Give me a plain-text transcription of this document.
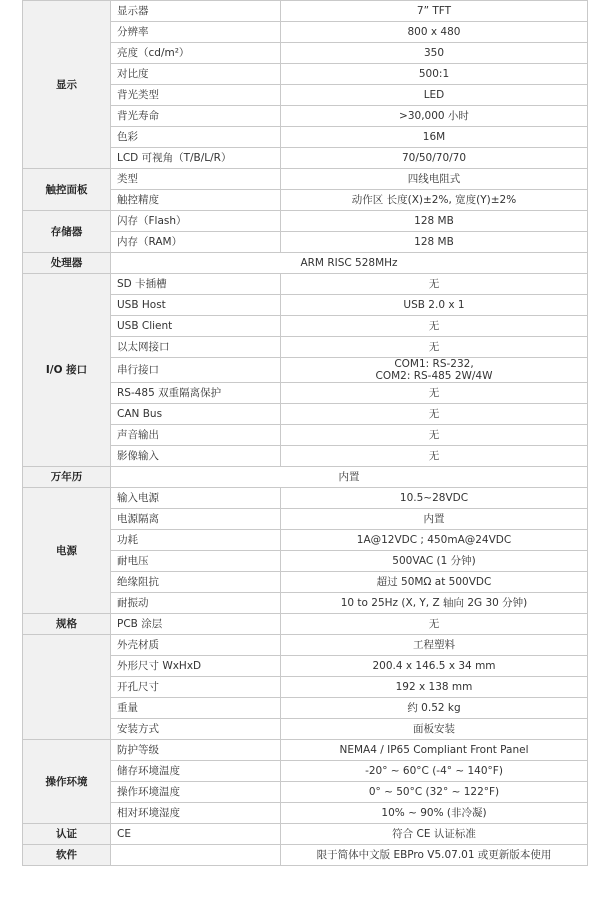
显示	显示器	7” TFT
	分辨率	800 x 480
	亮度（cd/m²）	350
	对比度	500:1
	背光类型	LED
	背光寿命	>30,000 小时
	色彩	16M
	LCD 可视角（T/B/L/R）	70/50/70/70
触控面板	类型	四线电阻式
	触控精度	动作区 长度(X)±2%, 宽度(Y)±2%
存储器	闪存（Flash）	128 MB
	内存（RAM）	128 MB
处理器	ARM RISC 528MHz	
I/O 接口	SD 卡插槽	无
	USB Host	USB 2.0 x 1
	USB Client	无
	以太网接口	无
	串行接口	COM1: RS-232,
COM2: RS-485 2W/4W

	RS-485 双重隔离保护	无
	CAN Bus	无
	声音输出	无
	影像输入	无
万年历	内置	
电源	输入电源	10.5~28VDC
	电源隔离	内置
	功耗	1A@12VDC ; 450mA@24VDC
	耐电压	500VAC (1 分钟)
	绝缘阻抗	超过 50MΩ at 500VDC
	耐振动	10 to 25Hz (X, Y, Z 轴向 2G 30 分钟)
规格	PCB 涂层	无
	外壳材质	工程塑料
	外形尺寸 WxHxD	200.4 x 146.5 x 34 mm
	开孔尺寸	192 x 138 mm
	重量	约 0.52 kg
	安装方式	面板安装
操作环境	防护等级	NEMA4 / IP65 Compliant Front Panel
	储存环境温度	-20° ~ 60°C (-4° ~ 140°F)
	操作环境温度	0° ~ 50°C (32° ~ 122°F)
	相对环境湿度	10% ~ 90% (非冷凝)
认证	CE	符合 CE 认证标准
软件		限于简体中文版 EBPro V5.07.01 或更新版本使用
